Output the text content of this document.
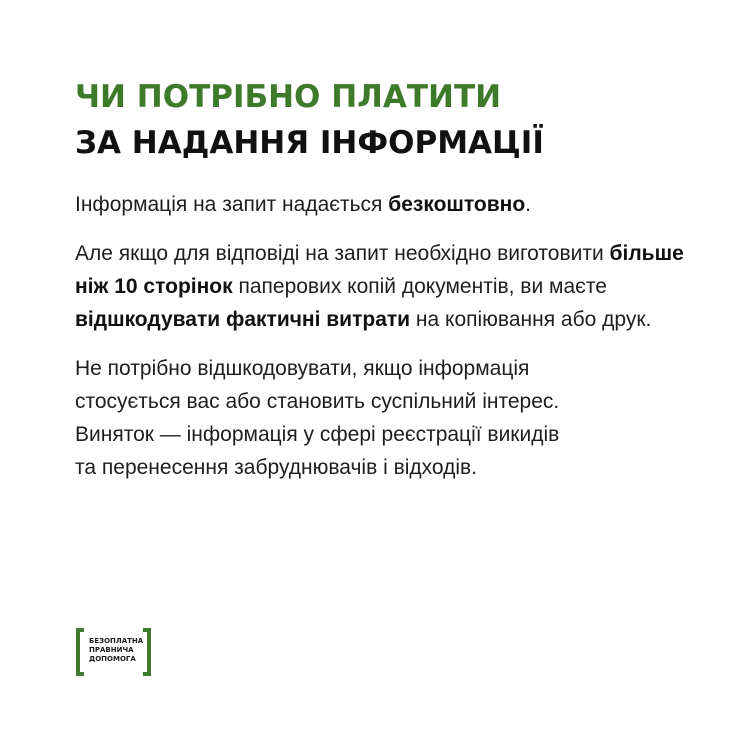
ЧИ ПОТРІБНО ПЛАТИТИ
ЗА НАДАННЯ ІНФОРМАЦІЇ

Інформація на запит надається безкоштовно.

Але якщо для відповіді на запит необхідно виготовити більше ніж 10 сторінок паперових копій документів, ви маєте відшкодувати фактичні витрати на копіювання або друк.

Не потрібно відшкодовувати, якщо інформація
стосується вас або становить суспільний інтерес.
Виняток — інформація у сфері реєстрації викидів
та перенесення забруднювачів і відходів.

БЕЗОПЛАТНА
ПРАВНИЧА
ДОПОМОГА
